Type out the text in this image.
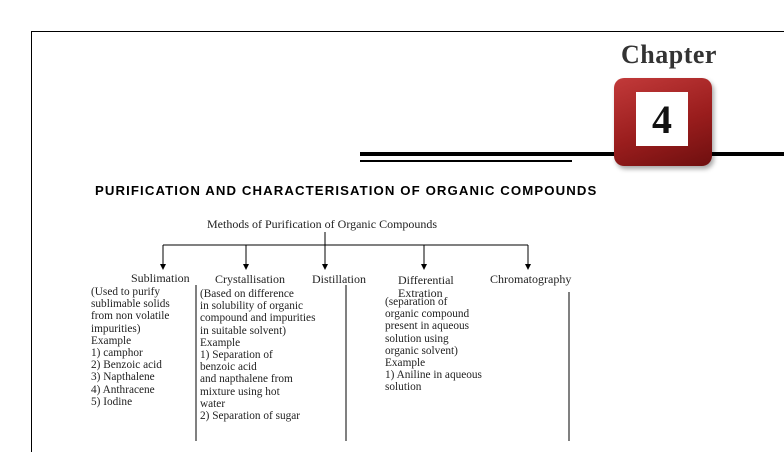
Chapter
4
PURIFICATION AND CHARACTERISATION OF ORGANIC COMPOUNDS
Methods of Purification of Organic Compounds
Sublimation Crystallisation Distillation	Differential
Extration
Chromatography
(Used to purify
sublimable solids
from non volatile
impurities)
Example
1) camphor
2) Benzoic acid
3) Napthalene
4) Anthracene
5) Iodine
(Based on difference
in solubility of organic
compound and impurities
in suitable solvent)
Example
1) Separation of
benzoic acid
and napthalene from
mixture using hot
water
2) Separation of sugar
(separation of
organic compound
present in aqueous
solution using
organic solvent)
Example
1) Aniline in aqueous
solution
